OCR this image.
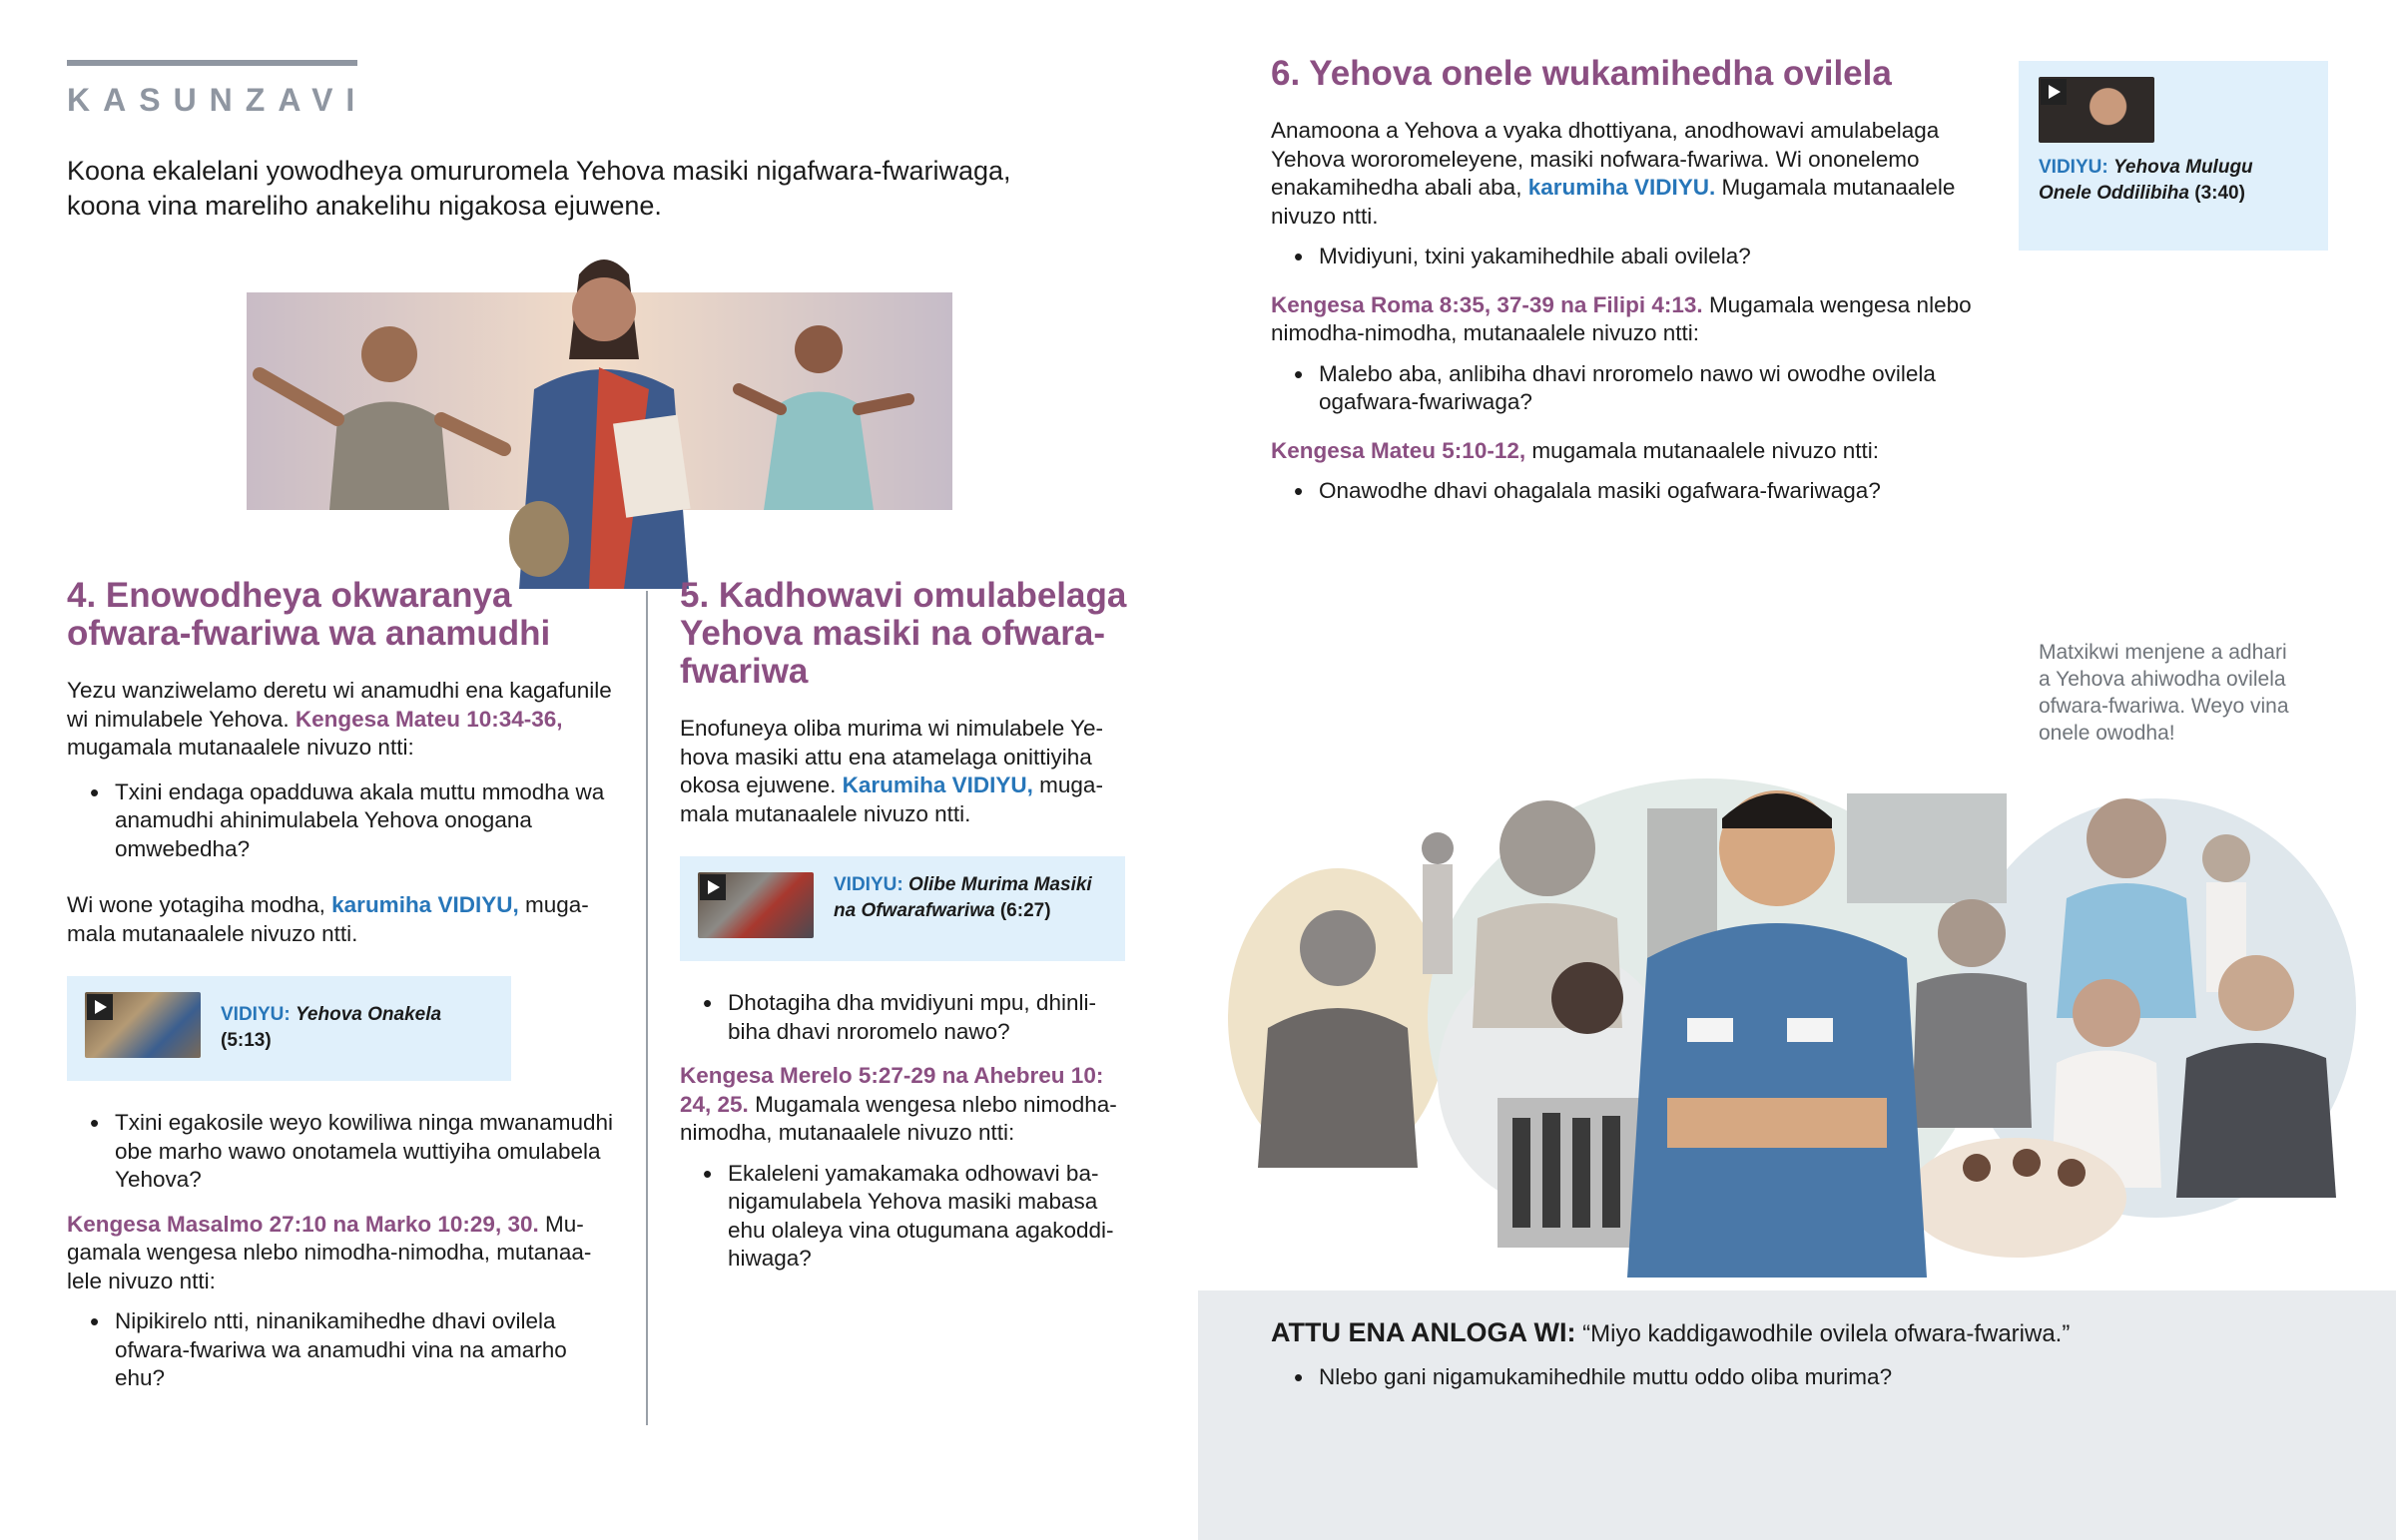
KASUNZAVI

Koona ekalelani yowodheya omururomela Yehova masiki nigafwara-fwariwaga, koona vina mareliho anakelihu nigakosa ejuwene.

4. Enowodheya okwaranya ofwara-fwariwa wa anamudhi

Yezu wanziwelamo deretu wi anamudhi ena kagafunile wi nimulabele Yehova. Kengesa Mateu 10:34-36, mugamala mutanaalele nivuzo ntti:

• Txini endaga opadduwa akala muttu mmodha wa anamudhi ahinimulabela Yehova onogana omwebedha?

Wi wone yotagiha modha, karumiha VIDIYU, mugamala mutanaalele nivuzo ntti.

VIDIYU: Yehova Onakela
(5:13)
• Txini egakosile weyo kowiliwa ninga mwanamudhi obe marho wawo onotamela wuttiyiha omulabela Yehova?

Kengesa Masalmo 27:10 na Marko 10:29, 30. Mugamala wengesa nlebo nimodha-nimodha, mutanaalele nivuzo ntti:

• Nipikirelo ntti, ninanikamihedhe dhavi ovilela ofwara-fwariwa wa anamudhi vina na amarho ehu?
5. Kadhowavi omulabelaga Yehova masiki na ofwara-fwariwa

Enofuneya oliba murima wi nimulabele Yehova masiki attu ena atamelaga onittiyiha okosa ejuwene. Karumiha VIDIYU, mugamala mutanaalele nivuzo ntti.

VIDIYU: Olibe Murima Masiki na Ofwarafwariwa (6:27)
• Dhotagiha dha mvidiyuni mpu, dhinlibiha dhavi nroromelo nawo?

Kengesa Merelo 5:27-29 na Ahebreu 10: 24, 25. Mugamala wengesa nlebo nimodha-nimodha, mutanaalele nivuzo ntti:

• Ekaleleni yamakamaka odhowavi banigamulabela Yehova masiki mabasa ehu olaleya vina otugumana agakoddihiwaga?
6. Yehova onele wukamihedha ovilela

Anamoona a Yehova a vyaka dhottiyana, anodhowavi amulabelaga Yehova wororomeleyene, masiki nofwara-fwariwa. Wi ononelemo enakamihedha abali aba, karumiha VIDIYU. Mugamala mutanaalele nivuzo ntti.

• Mvidiyuni, txini yakamihedhile abali ovilela?

Kengesa Roma 8:35, 37-39 na Filipi 4:13. Mugamala wengesa nlebo nimodha-nimodha, mutanaalele nivuzo ntti:

• Malebo aba, anlibiha dhavi nroromelo nawo wi owodhe ovilela ogafwara-fwariwaga?

Kengesa Mateu 5:10-12, mugamala mutanaalele nivuzo ntti:

• Onawodhe dhavi ohagalala masiki ogafwara-fwariwaga?
VIDIYU: Yehova Mulugu Onele Oddilibiha (3:40)

Matxikwi menjene a adhari a Yehova ahiwodha ovilela ofwara-fwariwa. Weyo vina onele owodha!

ATTU ENA ANLOGA WI: “Miyo kaddigawodhile ovilela ofwara-fwariwa.”

• Nlebo gani nigamukamihedhile muttu oddo oliba murima?
